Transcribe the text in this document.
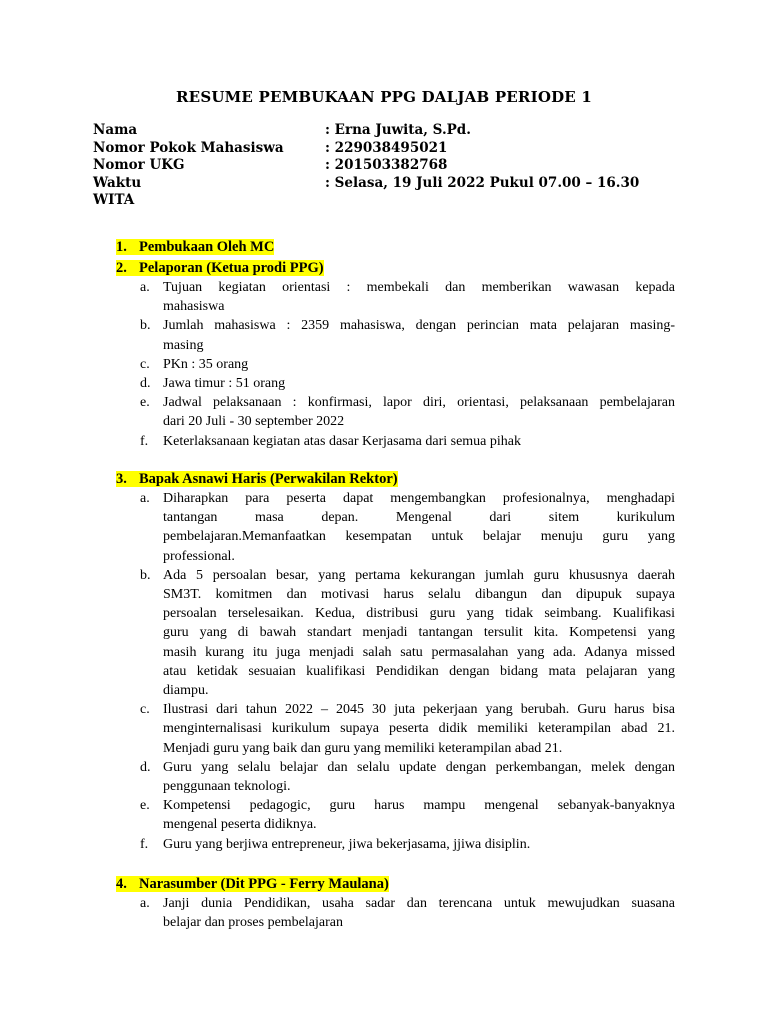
RESUME PEMBUKAAN PPG DALJAB PERIODE 1
Nama	: Erna Juwita, S.Pd.
Nomor Pokok Mahasiswa	: 229038495021
Nomor UKG	: 201503382768
Waktu	: Selasa, 19 Juli 2022 Pukul 07.00 – 16.30
WITA
1. Pembukaan Oleh MC
2. Pelaporan (Ketua prodi PPG)
a. Tujuan kegiatan orientasi : membekali dan memberikan wawasan kepada
mahasiswa
b. Jumlah mahasiswa : 2359 mahasiswa, dengan perincian mata pelajaran masing-
masing
c. PKn : 35 orang
d. Jawa timur : 51 orang
e. Jadwal pelaksanaan : konfirmasi, lapor diri, orientasi, pelaksanaan pembelajaran
dari 20 Juli - 30 september 2022
f. Keterlaksanaan kegiatan atas dasar Kerjasama dari semua pihak
3. Bapak Asnawi Haris (Perwakilan Rektor)
a. Diharapkan para peserta dapat mengembangkan profesionalnya, menghadapi
tantangan masa depan. Mengenal dari sitem kurikulum
pembelajaran.Memanfaatkan kesempatan untuk belajar menuju guru yang
professional.
b. Ada 5 persoalan besar, yang pertama kekurangan jumlah guru khususnya daerah
SM3T. komitmen dan motivasi harus selalu dibangun dan dipupuk supaya
persoalan terselesaikan. Kedua, distribusi guru yang tidak seimbang. Kualifikasi
guru yang di bawah standart menjadi tantangan tersulit kita. Kompetensi yang
masih kurang itu juga menjadi salah satu permasalahan yang ada. Adanya missed
atau ketidak sesuaian kualifikasi Pendidikan dengan bidang mata pelajaran yang
diampu.
c. Ilustrasi dari tahun 2022 – 2045 30 juta pekerjaan yang berubah. Guru harus bisa
menginternalisasi kurikulum supaya peserta didik memiliki keterampilan abad 21.
Menjadi guru yang baik dan guru yang memiliki keterampilan abad 21.
d. Guru yang selalu belajar dan selalu update dengan perkembangan, melek dengan
penggunaan teknologi.
e. Kompetensi pedagogic, guru harus mampu mengenal sebanyak-banyaknya
mengenal peserta didiknya.
f. Guru yang berjiwa entrepreneur, jiwa bekerjasama, jjiwa disiplin.
4. Narasumber (Dit PPG - Ferry Maulana)
a. Janji dunia Pendidikan, usaha sadar dan terencana untuk mewujudkan suasana
belajar dan proses pembelajaran
